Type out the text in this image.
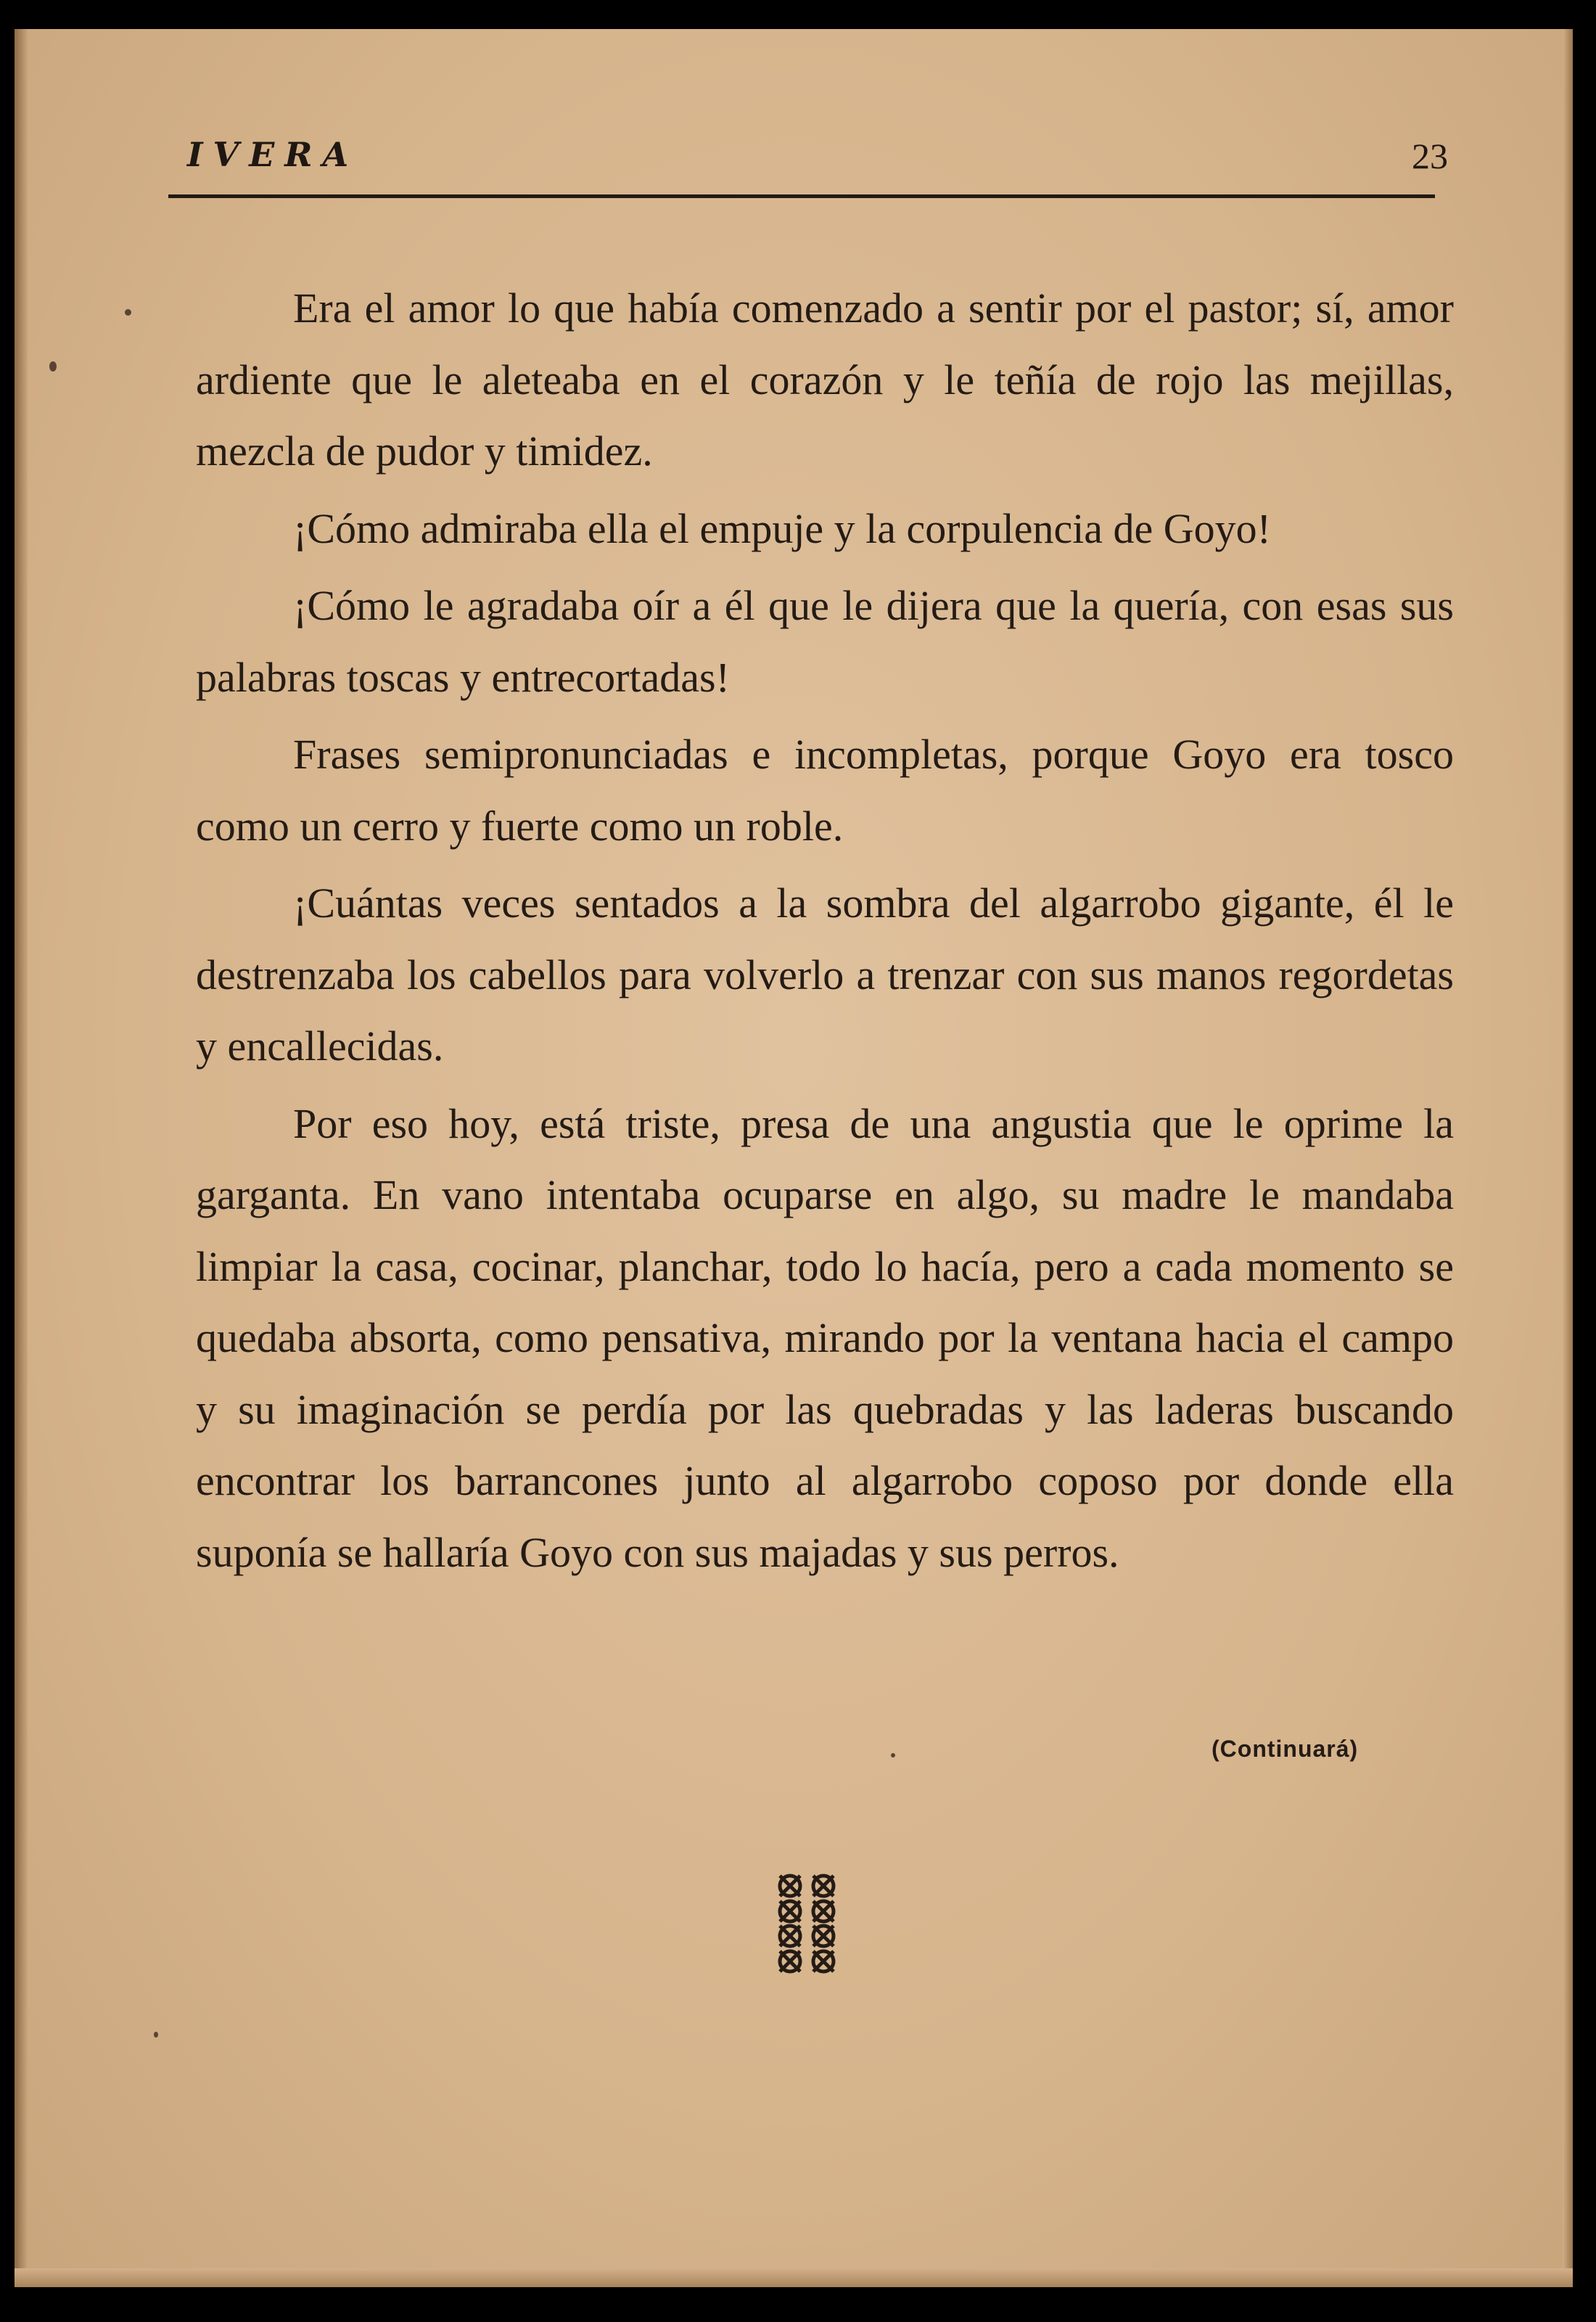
IVERA	23

Era el amor lo que había comenzado a sentir por el pastor; sí, amor ardiente que le aleteaba en el corazón y le teñía de rojo las mejillas, mezcla de pudor y timidez.

¡Cómo admiraba ella el empuje y la corpulencia de Goyo!

¡Cómo le agradaba oír a él que le dijera que la quería, con esas sus palabras toscas y entrecortadas!

Frases semipronunciadas e incompletas, porque Goyo era tosco como un cerro y fuerte como un roble.

¡Cuántas veces sentados a la sombra del algarrobo gigante, él le destrenzaba los cabellos para volverlo a trenzar con sus manos regordetas y encallecidas.

Por eso hoy, está triste, presa de una angustia que le oprime la garganta. En vano intentaba ocuparse en algo, su madre le mandaba limpiar la casa, cocinar, planchar, todo lo hacía, pero a cada momento se quedaba absorta, como pensativa, mirando por la ventana hacia el campo y su imaginación se perdía por las quebradas y las laderas buscando encontrar los barrancones junto al algarrobo coposo por donde ella suponía se hallaría Goyo con sus majadas y sus perros.

(Continuará)
